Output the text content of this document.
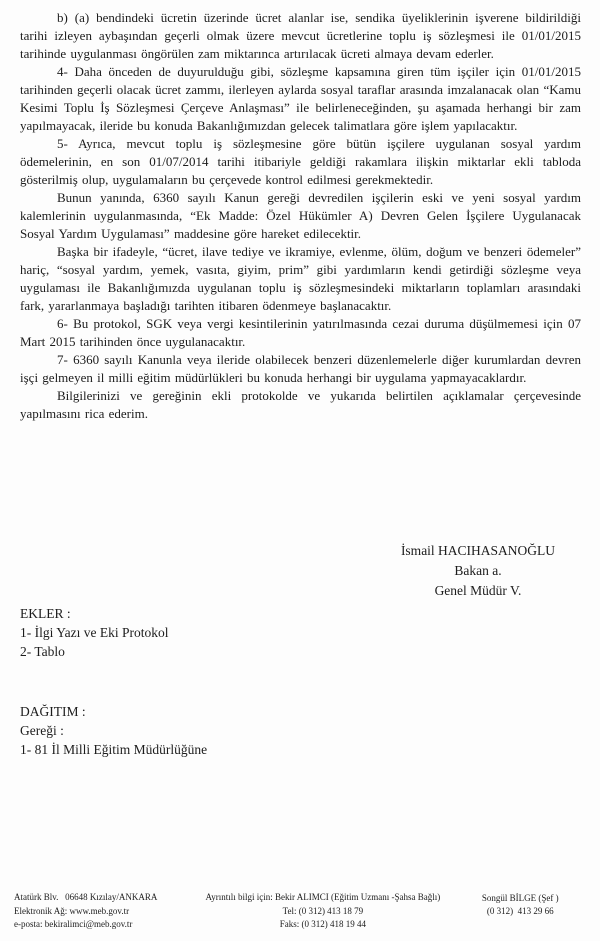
b) (a) bendindeki ücretin üzerinde ücret alanlar ise, sendika üyeliklerinin işverene bildirildiği tarihi izleyen aybaşından geçerli olmak üzere mevcut ücretlerine toplu iş sözleşmesi ile 01/01/2015 tarihinde uygulanması öngörülen zam miktarınca artırılacak ücreti almaya devam ederler.

4- Daha önceden de duyurulduğu gibi, sözleşme kapsamına giren tüm işçiler için 01/01/2015 tarihinden geçerli olacak ücret zammı, ilerleyen aylarda sosyal taraflar arasında imzalanacak olan “Kamu Kesimi Toplu İş Sözleşmesi Çerçeve Anlaşması” ile belirleneceğinden, şu aşamada herhangi bir zam yapılmayacak, ileride bu konuda Bakanlığımızdan gelecek talimatlara göre işlem yapılacaktır.

5- Ayrıca, mevcut toplu iş sözleşmesine göre bütün işçilere uygulanan sosyal yardım ödemelerinin, en son 01/07/2014 tarihi itibariyle geldiği rakamlara ilişkin miktarlar ekli tabloda gösterilmiş olup, uygulamaların bu çerçevede kontrol edilmesi gerekmektedir.

Bunun yanında, 6360 sayılı Kanun gereği devredilen işçilerin eski ve yeni sosyal yardım kalemlerinin uygulanmasında, “Ek Madde: Özel Hükümler A) Devren Gelen İşçilere Uygulanacak Sosyal Yardım Uygulaması” maddesine göre hareket edilecektir.

Başka bir ifadeyle, “ücret, ilave tediye ve ikramiye, evlenme, ölüm, doğum ve benzeri ödemeler” hariç, “sosyal yardım, yemek, vasıta, giyim, prim” gibi yardımların kendi getirdiği sözleşme veya uygulaması ile Bakanlığımızda uygulanan toplu iş sözleşmesindeki miktarların toplamları arasındaki fark, yararlanmaya başladığı tarihten itibaren ödenmeye başlanacaktır.

6- Bu protokol, SGK veya vergi kesintilerinin yatırılmasında cezai duruma düşülmemesi için 07 Mart 2015 tarihinden önce uygulanacaktır.

7- 6360 sayılı Kanunla veya ileride olabilecek benzeri düzenlemelerle diğer kurumlardan devren işçi gelmeyen il milli eğitim müdürlükleri bu konuda herhangi bir uygulama yapmayacaklardır.

Bilgilerinizi ve gereğinin ekli protokolde ve yukarıda belirtilen açıklamalar çerçevesinde yapılmasını rica ederim.

İsmail HACIHASANOĞLU
Bakan a.
Genel Müdür V.
EKLER :
1- İlgi Yazı ve Eki Protokol
2- Tablo
DAĞITIM :
Gereği :
1- 81 İl Milli Eğitim Müdürlüğüne
Atatürk Blv.   06648 Kızılay/ANKARA
Elektronik Ağ: www.meb.gov.tr
e-posta: bekiralimci@meb.gov.tr
Ayrıntılı bilgi için: Bekir ALIMCI (Eğitim Uzmanı -Şahsa Bağlı)
Tel: (0 312) 413 18 79
Faks: (0 312) 418 19 44
Songül BİLGE (Şef )
(0 312)  413 29 66
